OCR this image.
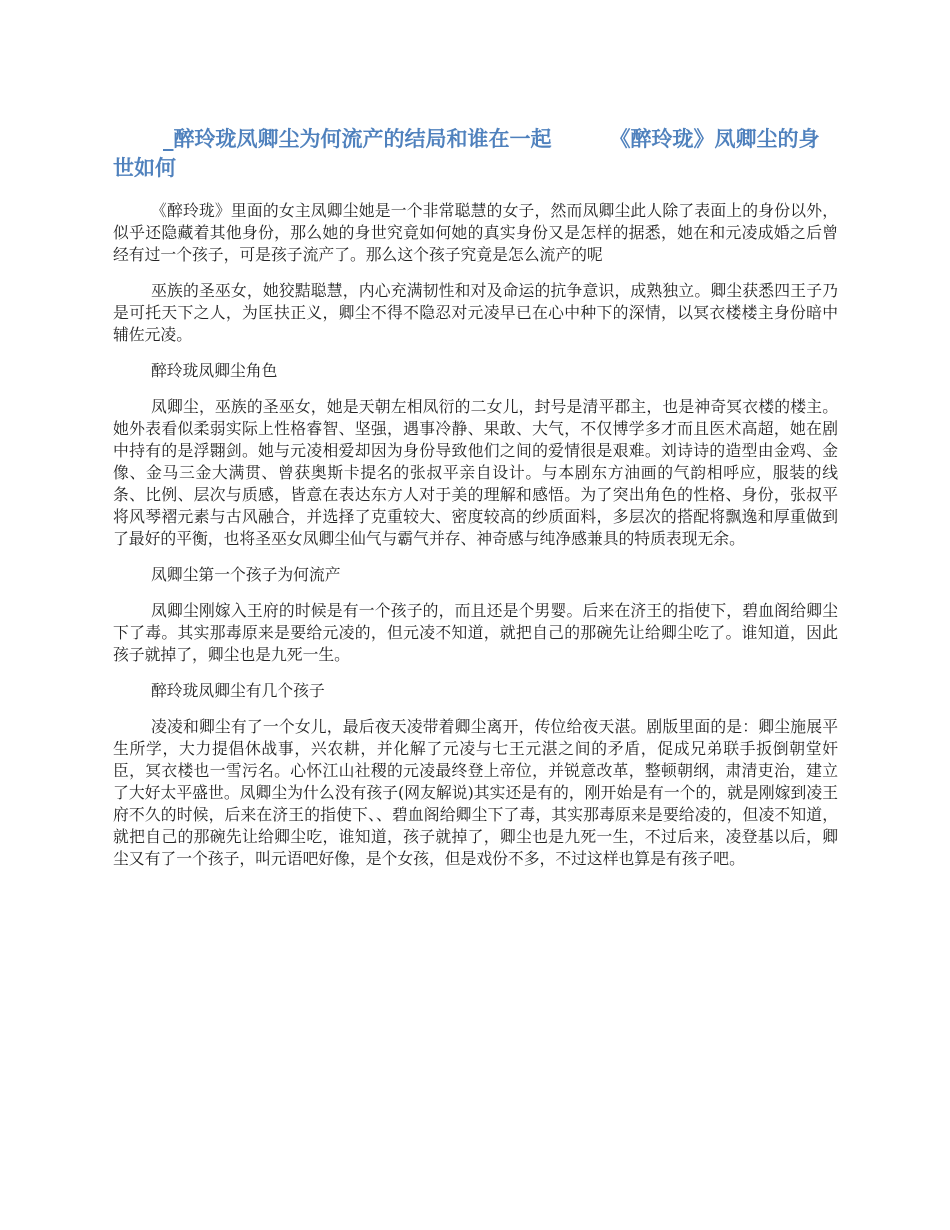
_醉玲珑凤卿尘为何流产的结局和谁在一起	《醉玲珑》凤卿尘的身世如何

《醉玲珑》里面的女主凤卿尘她是一个非常聪慧的女子，然而凤卿尘此人除了表面上的身份以外，似乎还隐藏着其他身份，那么她的身世究竟如何她的真实身份又是怎样的据悉，她在和元凌成婚之后曾经有过一个孩子，可是孩子流产了。那么这个孩子究竟是怎么流产的呢

巫族的圣巫女，她狡黠聪慧，内心充满韧性和对及命运的抗争意识，成熟独立。卿尘获悉四王子乃是可托天下之人，为匡扶正义，卿尘不得不隐忍对元凌早已在心中种下的深情，以冥衣楼楼主身份暗中辅佐元凌。

醉玲珑凤卿尘角色

凤卿尘，巫族的圣巫女，她是天朝左相凤衍的二女儿，封号是清平郡主，也是神奇冥衣楼的楼主。她外表看似柔弱实际上性格睿智、坚强，遇事冷静、果敢、大气，不仅博学多才而且医术高超，她在剧中持有的是浮翾剑。她与元凌相爱却因为身份导致他们之间的爱情很是艰难。刘诗诗的造型由金鸡、金像、金马三金大满贯、曾获奥斯卡提名的张叔平亲自设计。与本剧东方油画的气韵相呼应，服装的线条、比例、层次与质感，皆意在表达东方人对于美的理解和感悟。为了突出角色的性格、身份，张叔平将风琴褶元素与古风融合，并选择了克重较大、密度较高的纱质面料，多层次的搭配将飘逸和厚重做到了最好的平衡，也将圣巫女凤卿尘仙气与霸气并存、神奇感与纯净感兼具的特质表现无余。

凤卿尘第一个孩子为何流产

凤卿尘刚嫁入王府的时候是有一个孩子的，而且还是个男婴。后来在济王的指使下，碧血阁给卿尘下了毒。其实那毒原来是要给元凌的，但元凌不知道，就把自己的那碗先让给卿尘吃了。谁知道，因此孩子就掉了，卿尘也是九死一生。

醉玲珑凤卿尘有几个孩子

凌凌和卿尘有了一个女儿，最后夜天凌带着卿尘离开，传位给夜天湛。剧版里面的是：卿尘施展平生所学，大力提倡休战事，兴农耕，并化解了元凌与七王元湛之间的矛盾，促成兄弟联手扳倒朝堂奸臣，冥衣楼也一雪污名。心怀江山社稷的元凌最终登上帝位，并锐意改革，整顿朝纲，肃清吏治，建立了大好太平盛世。凤卿尘为什么没有孩子(网友解说)其实还是有的，刚开始是有一个的，就是刚嫁到凌王府不久的时候，后来在济王的指使下、、碧血阁给卿尘下了毒，其实那毒原来是要给凌的，但凌不知道，就把自己的那碗先让给卿尘吃，谁知道，孩子就掉了，卿尘也是九死一生，不过后来，凌登基以后，卿尘又有了一个孩子，叫元语吧好像，是个女孩，但是戏份不多，不过这样也算是有孩子吧。
